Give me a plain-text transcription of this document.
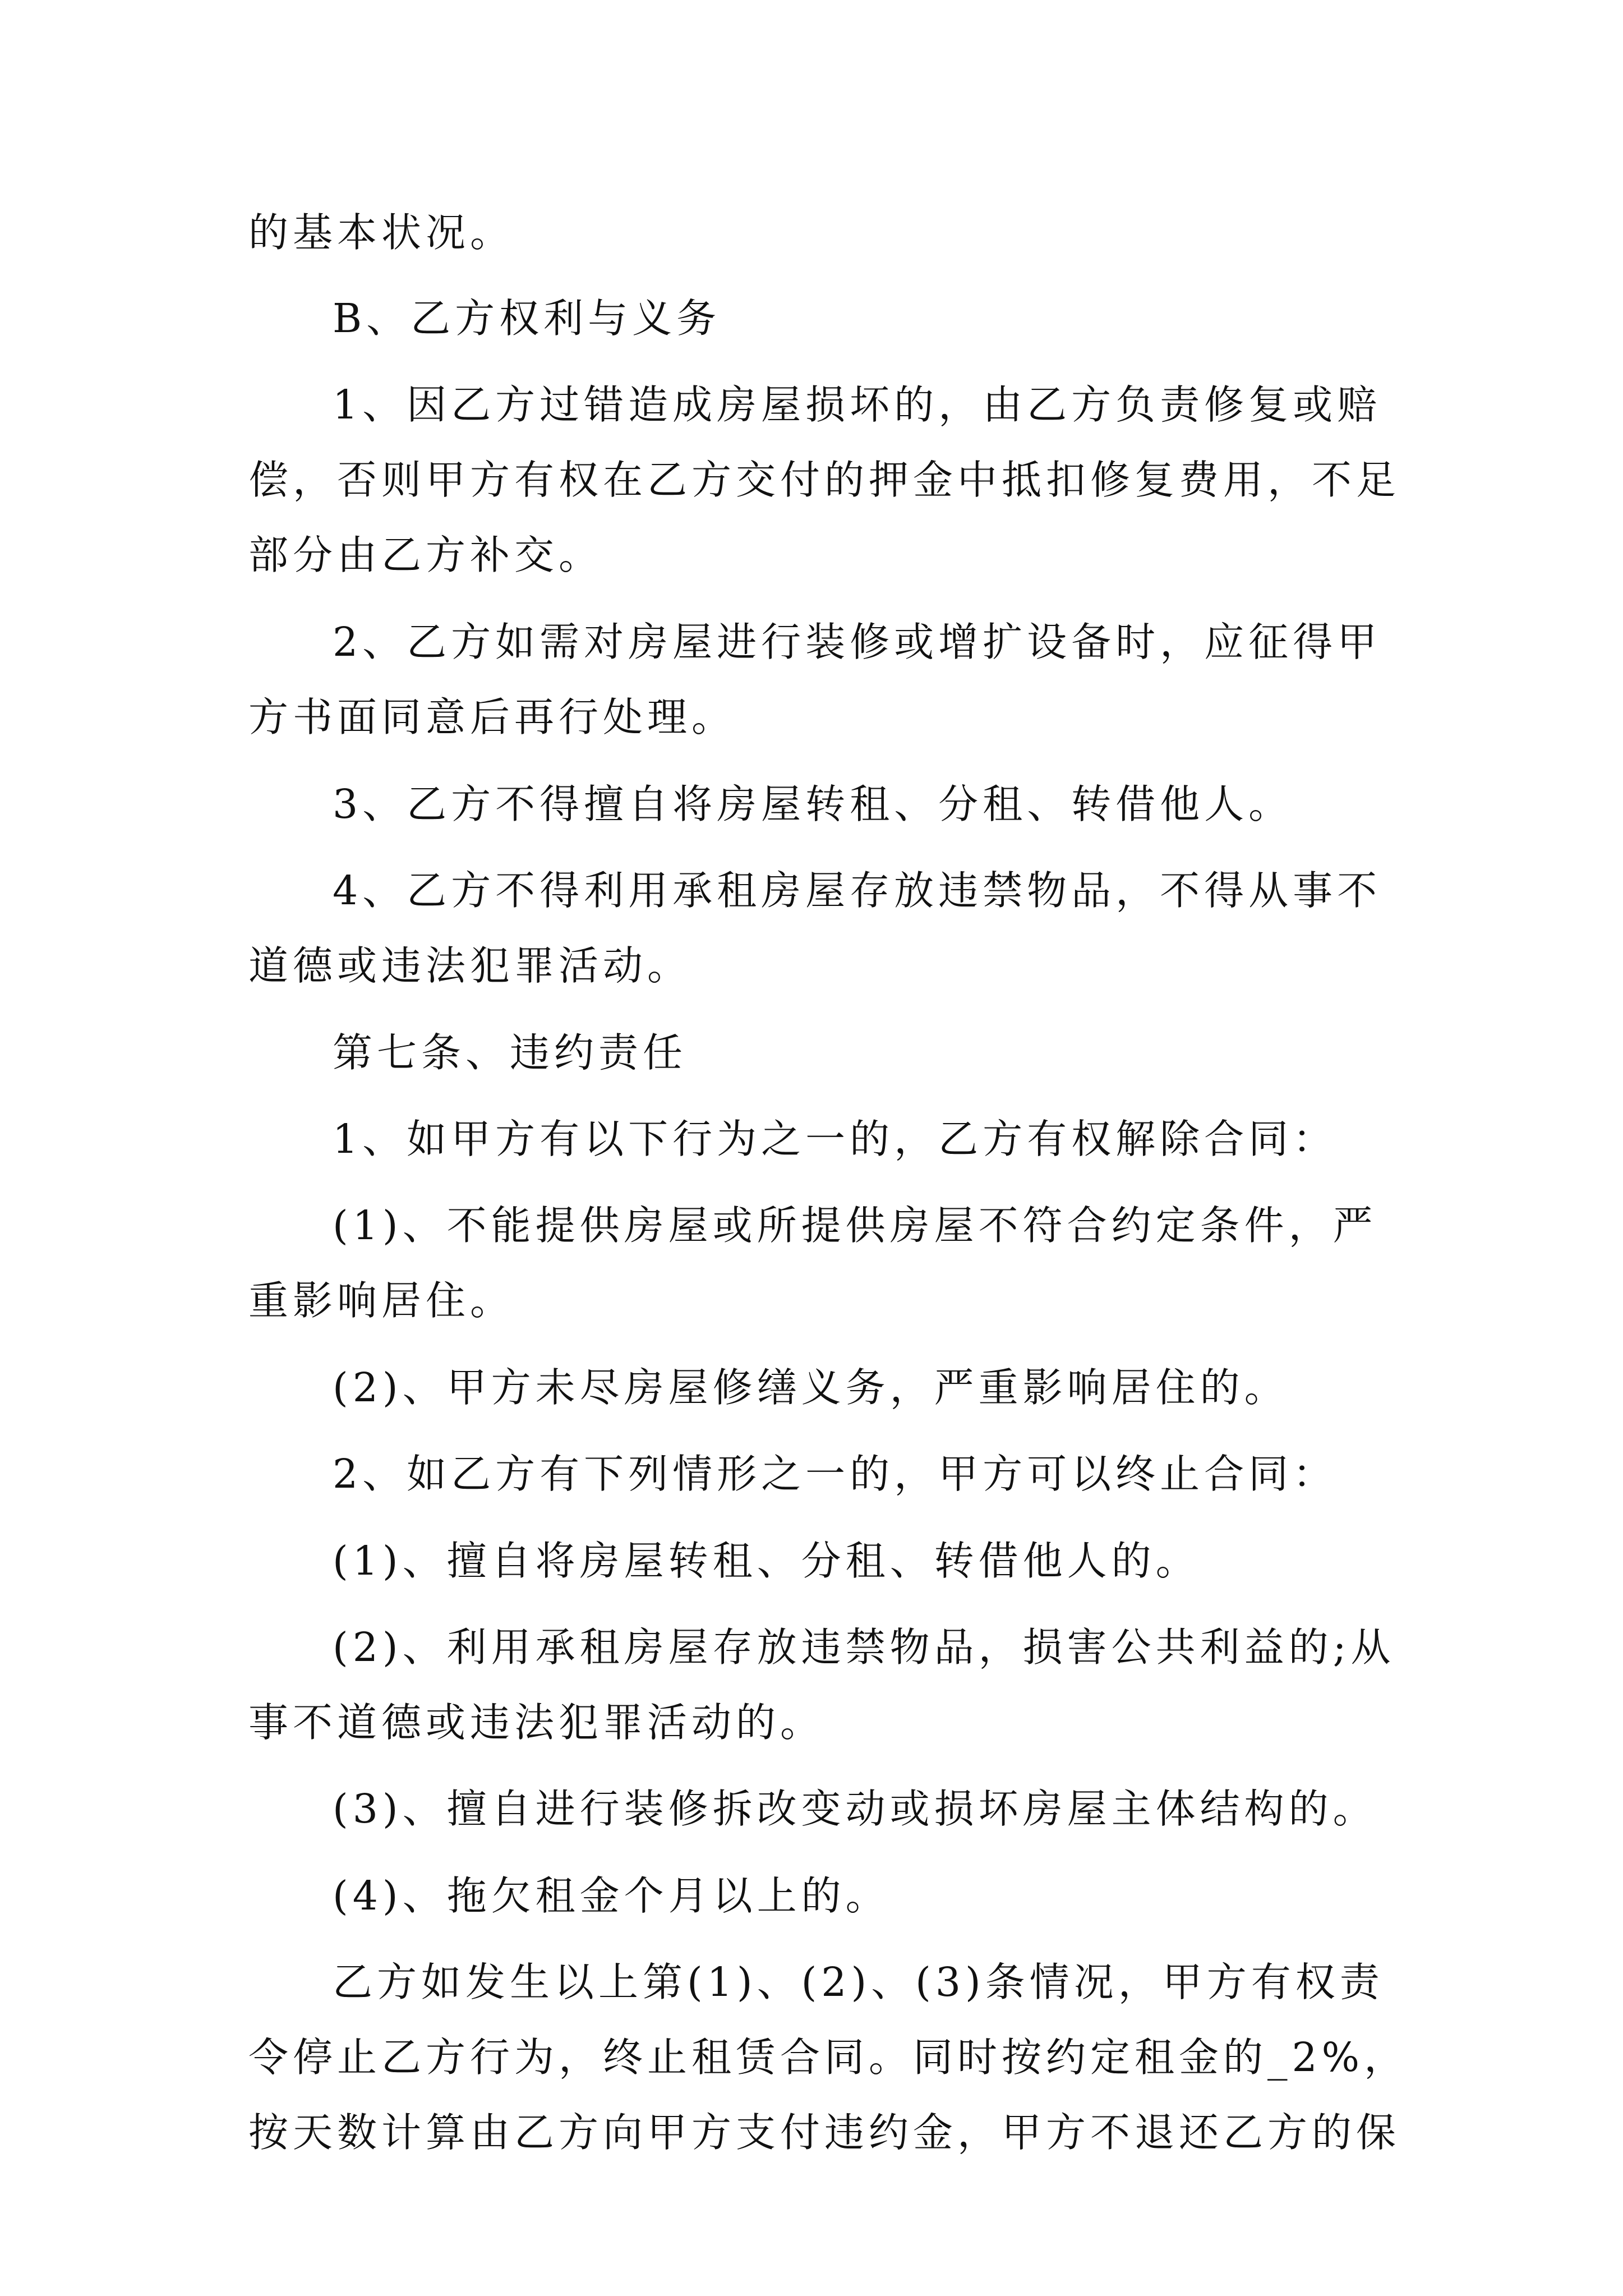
的基本状况。
B、乙方权利与义务
1、因乙方过错造成房屋损坏的，由乙方负责修复或赔
偿，否则甲方有权在乙方交付的押金中抵扣修复费用，不足
部分由乙方补交。
2、乙方如需对房屋进行装修或增扩设备时，应征得甲
方书面同意后再行处理。
3、乙方不得擅自将房屋转租、分租、转借他人。
4、乙方不得利用承租房屋存放违禁物品，不得从事不
道德或违法犯罪活动。
第七条、违约责任
1、如甲方有以下行为之一的，乙方有权解除合同：
(1)、不能提供房屋或所提供房屋不符合约定条件，严
重影响居住。
(2)、甲方未尽房屋修缮义务，严重影响居住的。
2、如乙方有下列情形之一的，甲方可以终止合同：
(1)、擅自将房屋转租、分租、转借他人的。
(2)、利用承租房屋存放违禁物品，损害公共利益的;从
事不道德或违法犯罪活动的。
(3)、擅自进行装修拆改变动或损坏房屋主体结构的。
(4)、拖欠租金个月以上的。
乙方如发生以上第(1)、(2)、(3)条情况，甲方有权责
令停止乙方行为，终止租赁合同。同时按约定租金的_2%，
按天数计算由乙方向甲方支付违约金，甲方不退还乙方的保
